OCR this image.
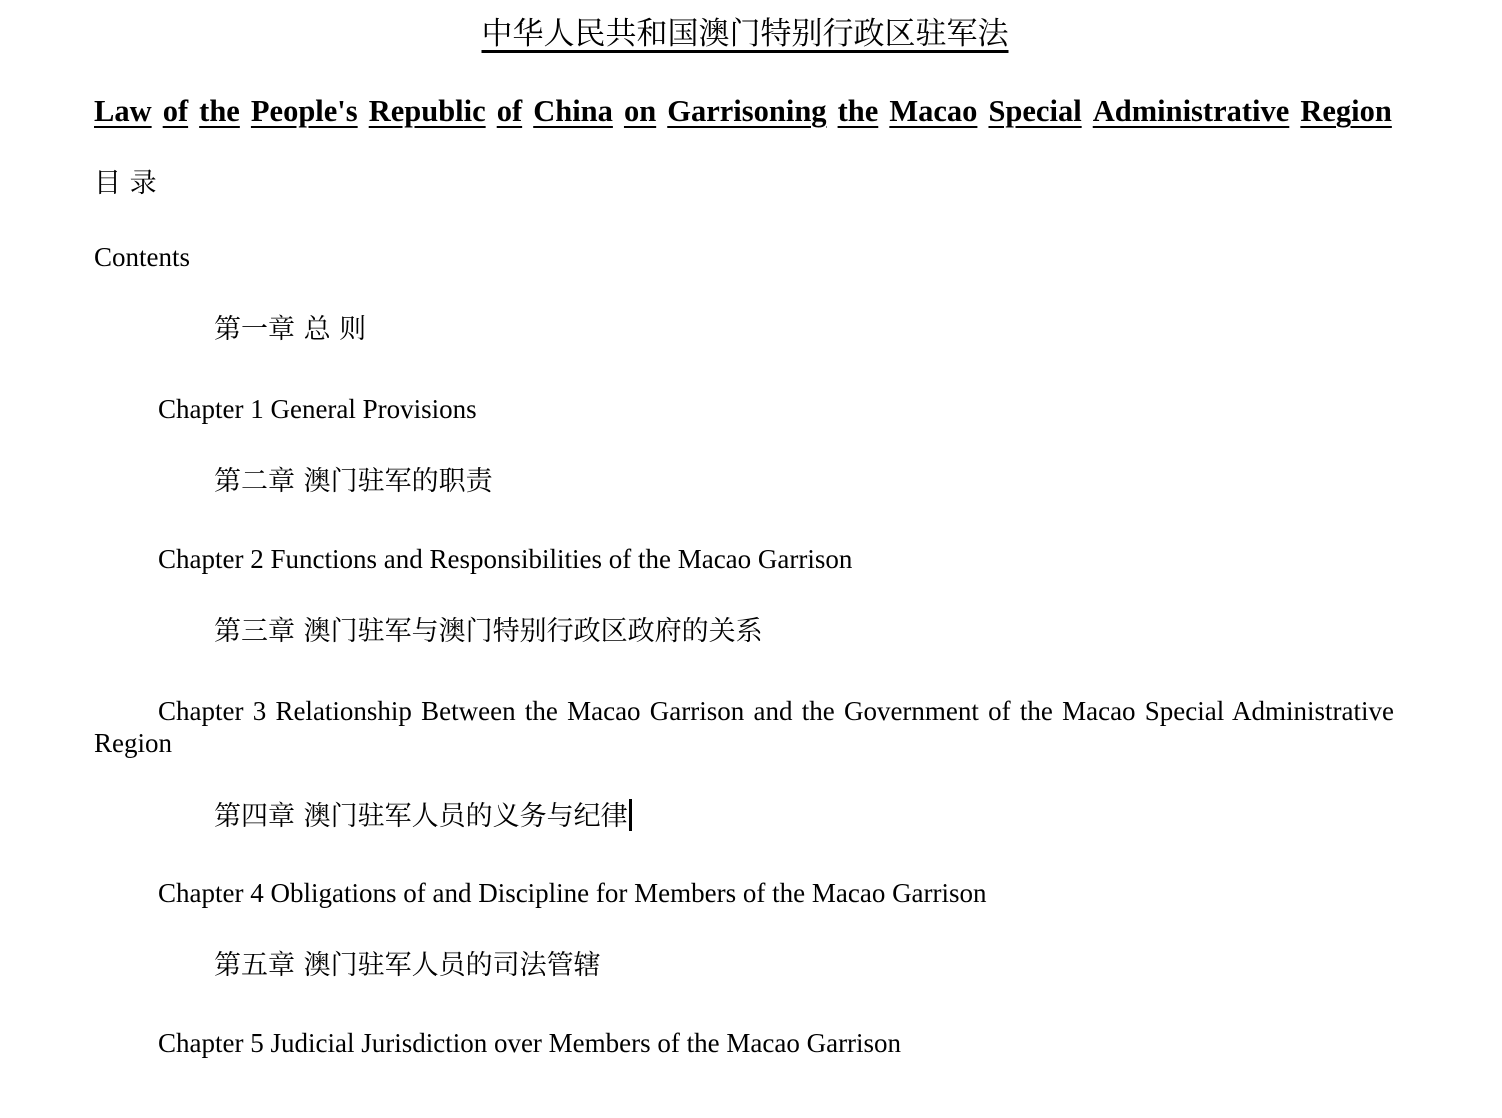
中华人民共和国澳门特别行政区驻军法
Law of the People's Republic of China on Garrisoning the Macao Special Administrative Region
目 录
Contents
第一章 总 则
Chapter 1 General Provisions
第二章 澳门驻军的职责
Chapter 2 Functions and Responsibilities of the Macao Garrison
第三章 澳门驻军与澳门特别行政区政府的关系
Chapter 3 Relationship Between the Macao Garrison and the Government of the Macao Special Administrative Region
第四章 澳门驻军人员的义务与纪律
Chapter 4 Obligations of and Discipline for Members of the Macao Garrison
第五章 澳门驻军人员的司法管辖
Chapter 5 Judicial Jurisdiction over Members of the Macao Garrison
